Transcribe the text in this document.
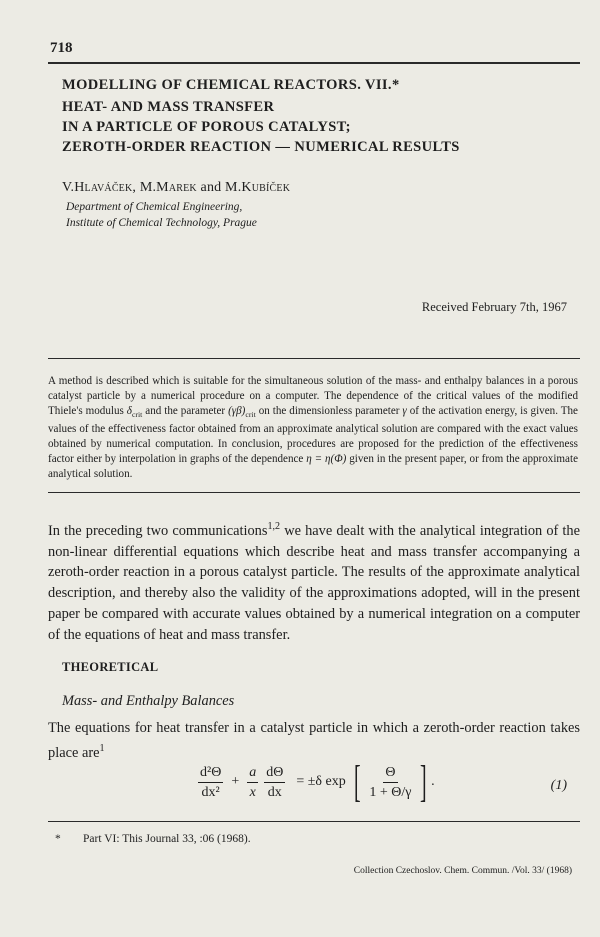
718
MODELLING OF CHEMICAL REACTORS. VII.*
HEAT- AND MASS TRANSFER
IN A PARTICLE OF POROUS CATALYST;
ZEROTH-ORDER REACTION — NUMERICAL RESULTS
V.Hlaváček, M.Marek and M.Kubíček
Department of Chemical Engineering,
Institute of Chemical Technology, Prague
Received February 7th, 1967
A method is described which is suitable for the simultaneous solution of the mass- and enthalpy balances in a porous catalyst particle by a numerical procedure on a computer. The dependence of the critical values of the modified Thiele's modulus $\delta_{crit}$ and the parameter $(\gamma\beta)_{crit}$ on the dimensionless parameter γ of the activation energy, is given. The values of the effectiveness factor obtained from an approximate analytical solution are compared with the exact values obtained by numerical computation. In conclusion, procedures are proposed for the prediction of the effectiveness factor either by interpolation in graphs of the dependence η = η(Φ) given in the present paper, or from the approximate analytical solution.
In the preceding two communications$^{1,2}$ we have dealt with the analytical integration of the non-linear differential equations which describe heat and mass transfer accompanying a zeroth-order reaction in a porous catalyst particle. The results of the approximate analytical description, and thereby also the validity of the approximations adopted, will in the present paper be compared with accurate values obtained by a numerical integration on a computer of the equations of heat and mass transfer.
THEORETICAL
Mass- and Enthalpy Balances
The equations for heat transfer in a catalyst particle in which a zeroth-order reaction takes place are$^1$
$\frac{\text{d²Θ}}{\text{dx²}} + \frac{a}{x} \frac{d\Theta}{dx} = \pm\delta$ exp [ $\frac{\Theta}{1 + \Theta/\gamma}$ ] .	(1)
* Part VI: This Journal 33, :06 (1968).
Collection Czechoslov. Chem. Commun. /Vol. 33/ (1968)
